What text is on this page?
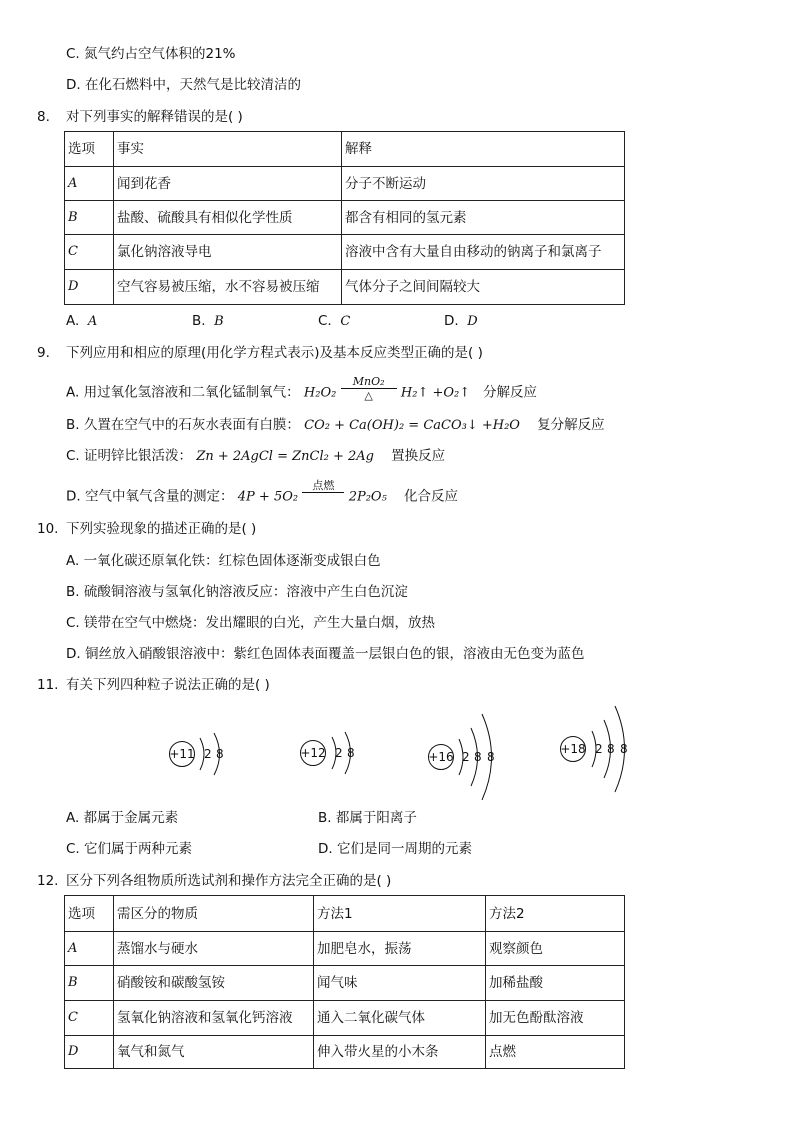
C. 氮气约占空气体积的21%
D. 在化石燃料中，天然气是比较清洁的
8. 对下列事实的解释错误的是( )
选项	事实	解释
A	闻到花香	分子不断运动
B	盐酸、硫酸具有相似化学性质	都含有相同的氢元素
C	氯化钠溶液导电	溶液中含有大量自由移动的钠离子和氯离子
D	空气容易被压缩，水不容易被压缩	气体分子之间间隔较大
A. A	B. B	C. C	D. D
9. 下列应用和相应的原理(用化学方程式表示)及基本反应类型正确的是( )
A. 用过氧化氢溶液和二氧化锰制氧气： $H_2O_2 \frac{\text{MnO₂}}{\triangle}$ H₂↑ +O₂↑ 分解反应
B. 久置在空气中的石灰水表面有白膜： CO₂ + Ca(OH)₂ = CaCO₃↓ +H₂O 复分解反应
C. 证明锌比银活泼： Zn + 2AgCl = ZnCl₂ + 2Ag 置换反应
D. 空气中氧气含量的测定： 4P + 5O₂
点燃

2P₂O₅ 化合反应
10. 下列实验现象的描述正确的是( )
A. 一氧化碳还原氧化铁：红棕色固体逐渐变成银白色
B. 硫酸铜溶液与氢氧化钠溶液反应：溶液中产生白色沉淀
C. 镁带在空气中燃烧：发出耀眼的白光，产生大量白烟，放热
D. 铜丝放入硝酸银溶液中：紫红色固体表面覆盖一层银白色的银，溶液由无色变为蓝色
11. 有关下列四种粒子说法正确的是( )
+11 2 8	+12 2 8	+16 2 8 8
+18 2 8 8
A. 都属于金属元素	B. 都属于阳离子
C. 它们属于两种元素	D. 它们是同一周期的元素
12. 区分下列各组物质所选试剂和操作方法完全正确的是( )
选项	需区分的物质	方法1	方法2
A	蒸馏水与硬水	加肥皂水，振荡	观察颜色
B	硝酸铵和碳酸氢铵	闻气味	加稀盐酸
C	氢氧化钠溶液和氢氧化钙溶液	通入二氧化碳气体	加无色酚酞溶液
D	氧气和氮气	伸入带火星的小木条	点燃
